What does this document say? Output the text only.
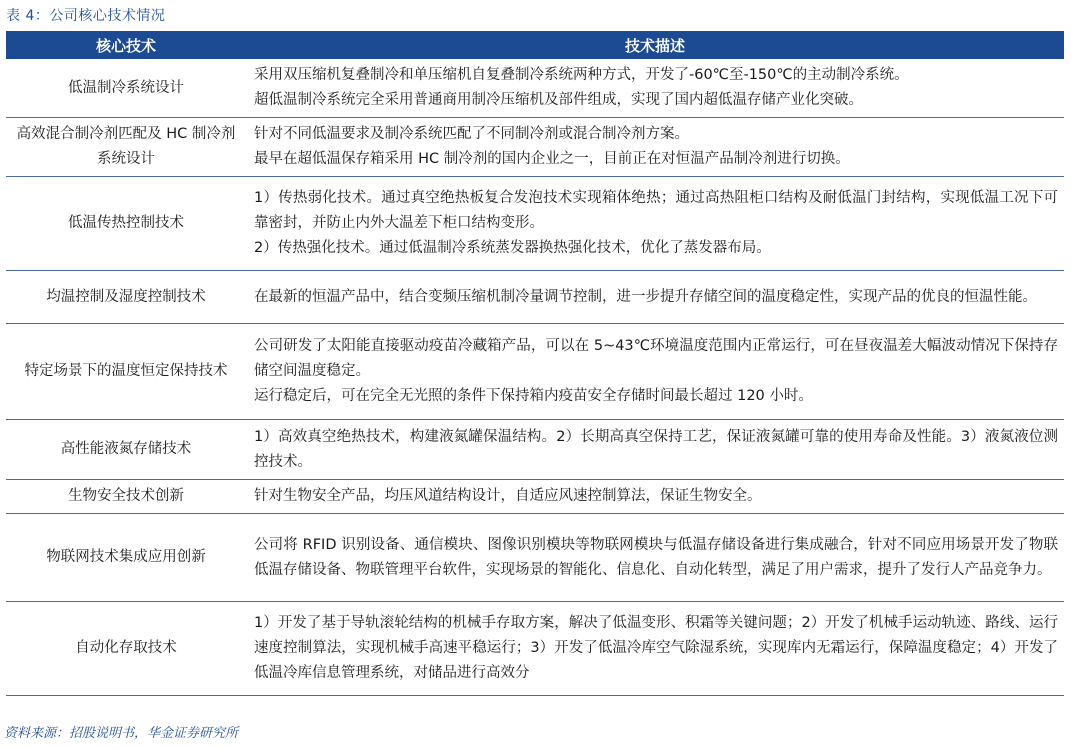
表 4：公司核心技术情况
核心技术	技术描述

低温制冷系统设计	采用双压缩机复叠制冷和单压缩机自复叠制冷系统两种方式，开发了-60℃至-150℃的主动制冷系统。
超低温制冷系统完全采用普通商用制冷压缩机及部件组成，实现了国内超低温存储产业化突破。

高效混合制冷剂匹配及 HC 制冷剂系统设计	针对不同低温要求及制冷系统匹配了不同制冷剂或混合制冷剂方案。
最早在超低温保存箱采用 HC 制冷剂的国内企业之一，目前正在对恒温产品制冷剂进行切换。

低温传热控制技术	1）传热弱化技术。通过真空绝热板复合发泡技术实现箱体绝热；通过高热阻柜口结构及耐低温门封结构，实现低温工况下可靠密封，并防止内外大温差下柜口结构变形。
2）传热强化技术。通过低温制冷系统蒸发器换热强化技术，优化了蒸发器布局。

均温控制及湿度控制技术	在最新的恒温产品中，结合变频压缩机制冷量调节控制，进一步提升存储空间的温度稳定性，实现产品的优良的恒温性能。

特定场景下的温度恒定保持技术	公司研发了太阳能直接驱动疫苗冷藏箱产品，可以在 5~43℃环境温度范围内正常运行，可在昼夜温差大幅波动情况下保持存储空间温度稳定。
运行稳定后，可在完全无光照的条件下保持箱内疫苗安全存储时间最长超过 120 小时。

高性能液氮存储技术	1）高效真空绝热技术，构建液氮罐保温结构。2）长期高真空保持工艺，保证液氮罐可靠的使用寿命及性能。3）液氮液位测控技术。

生物安全技术创新	针对生物安全产品，均压风道结构设计，自适应风速控制算法，保证生物安全。

物联网技术集成应用创新	公司将 RFID 识别设备、通信模块、图像识别模块等物联网模块与低温存储设备进行集成融合，针对不同应用场景开发了物联低温存储设备、物联管理平台软件，实现场景的智能化、信息化、自动化转型，满足了用户需求，提升了发行人产品竞争力。

自动化存取技术	1）开发了基于导轨滚轮结构的机械手存取方案，解决了低温变形、积霜等关键问题；2）开发了机械手运动轨迹、路线、运行速度控制算法，实现机械手高速平稳运行；3）开发了低温冷库空气除湿系统，实现库内无霜运行，保障温度稳定；4）开发了低温冷库信息管理系统，对储品进行高效分
资料来源：招股说明书，华金证券研究所
